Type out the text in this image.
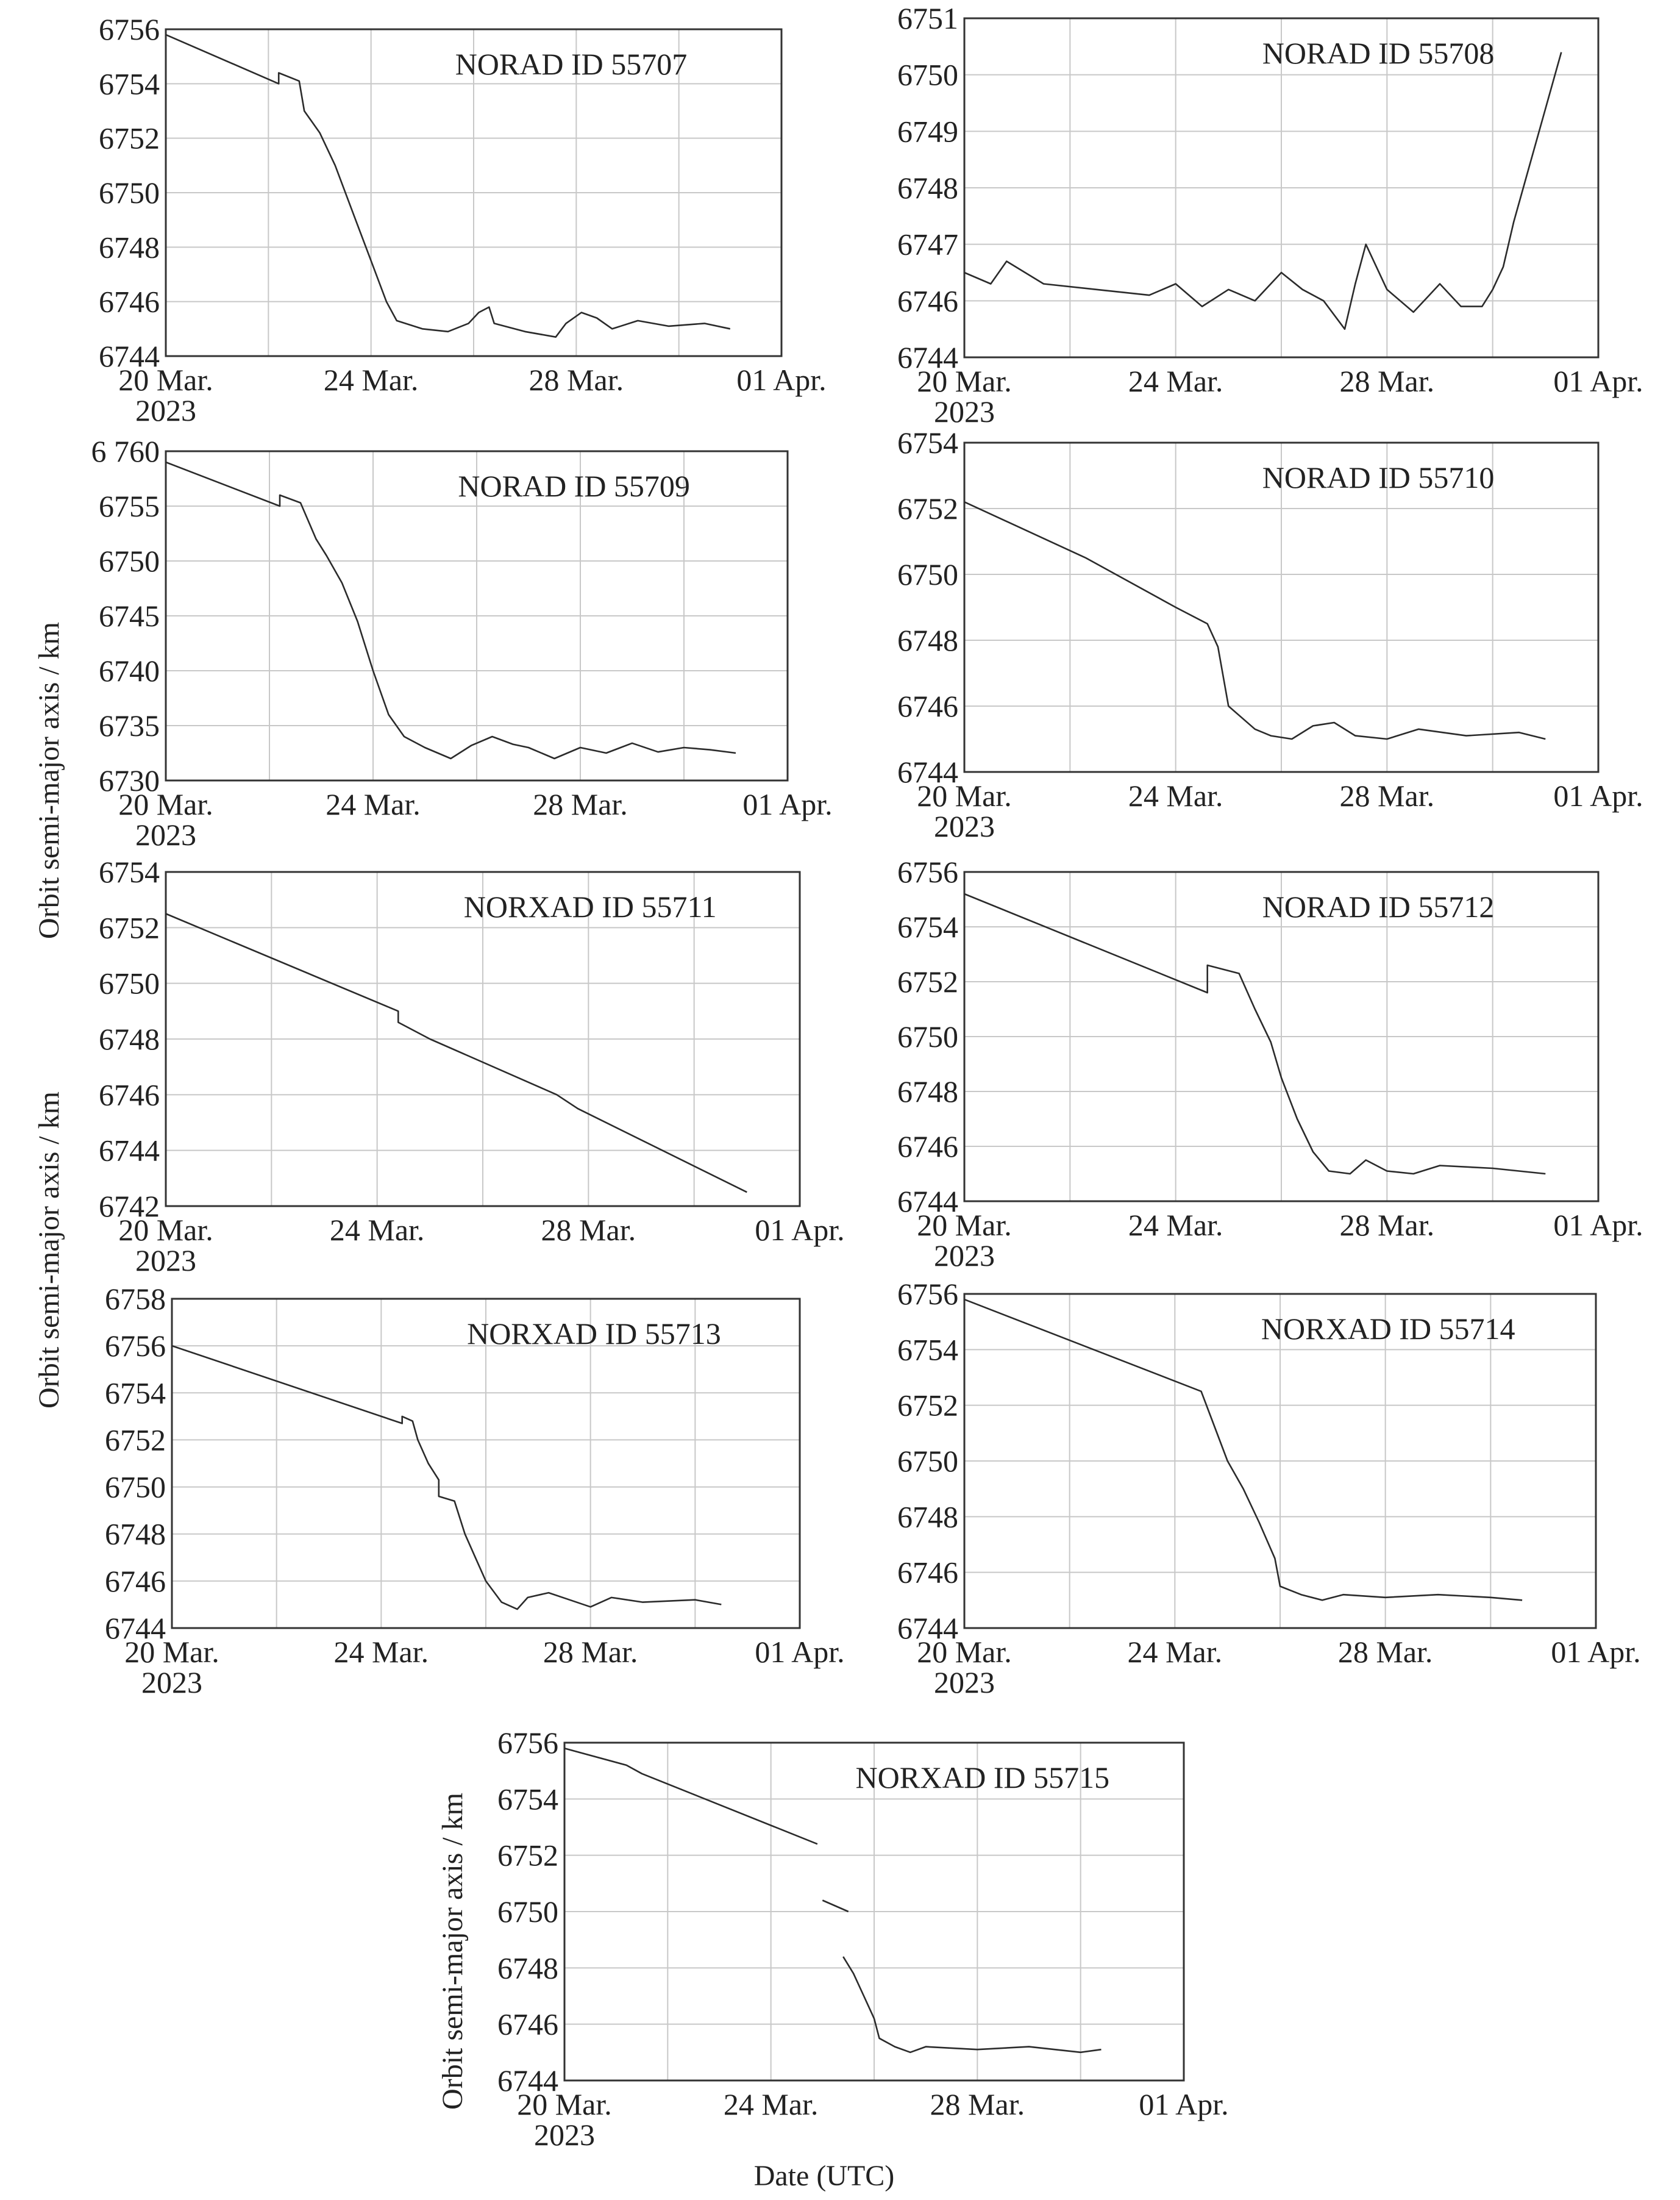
6744
6746
6748
6750
6752
6754
6756
20 Mar.
2023
24 Mar.	28 Mar.	01 Apr.
NORAD ID 55707
6744
6746
6747
6748
6749
6750
6751
20 Mar.
2023
24 Mar.	28 Mar.	01 Apr.
NORAD ID 55708
6730
6735
6740
6745
6750
6755
6 760
20 Mar.
2023
24 Mar.	28 Mar.	01 Apr.
NORAD ID 55709
6744
6746
6748
6750
6752
6754
20 Mar.
2023
24 Mar.	28 Mar.	01 Apr.
NORAD ID 55710
6742
6744
6746
6748
6750
6752
6754
20 Mar.
2023
24 Mar.	28 Mar.	01 Apr.
NORXAD ID 55711
6744
6746
6748
6750
6752
6754
6756
20 Mar.
2023
24 Mar.	28 Mar.	01 Apr.
NORAD ID 55712
6744
6746
6748
6750
6752
6754
6756
6758
20 Mar.
2023
24 Mar.	28 Mar.	01 Apr.
NORXAD ID 55713
6744
6746
6748
6750
6752
6754
6756
20 Mar.
2023
24 Mar.	28 Mar.	01 Apr.
NORXAD ID 55714
6744
6746
6748
6750
6752
6754
6756
20 Mar.
2023
24 Mar.	28 Mar.	01 Apr.
NORXAD ID 55715
Orbit semi-major axis / km
Orbit semi-major axis / km
Orbit semi-major axis / km
Date (UTC)
